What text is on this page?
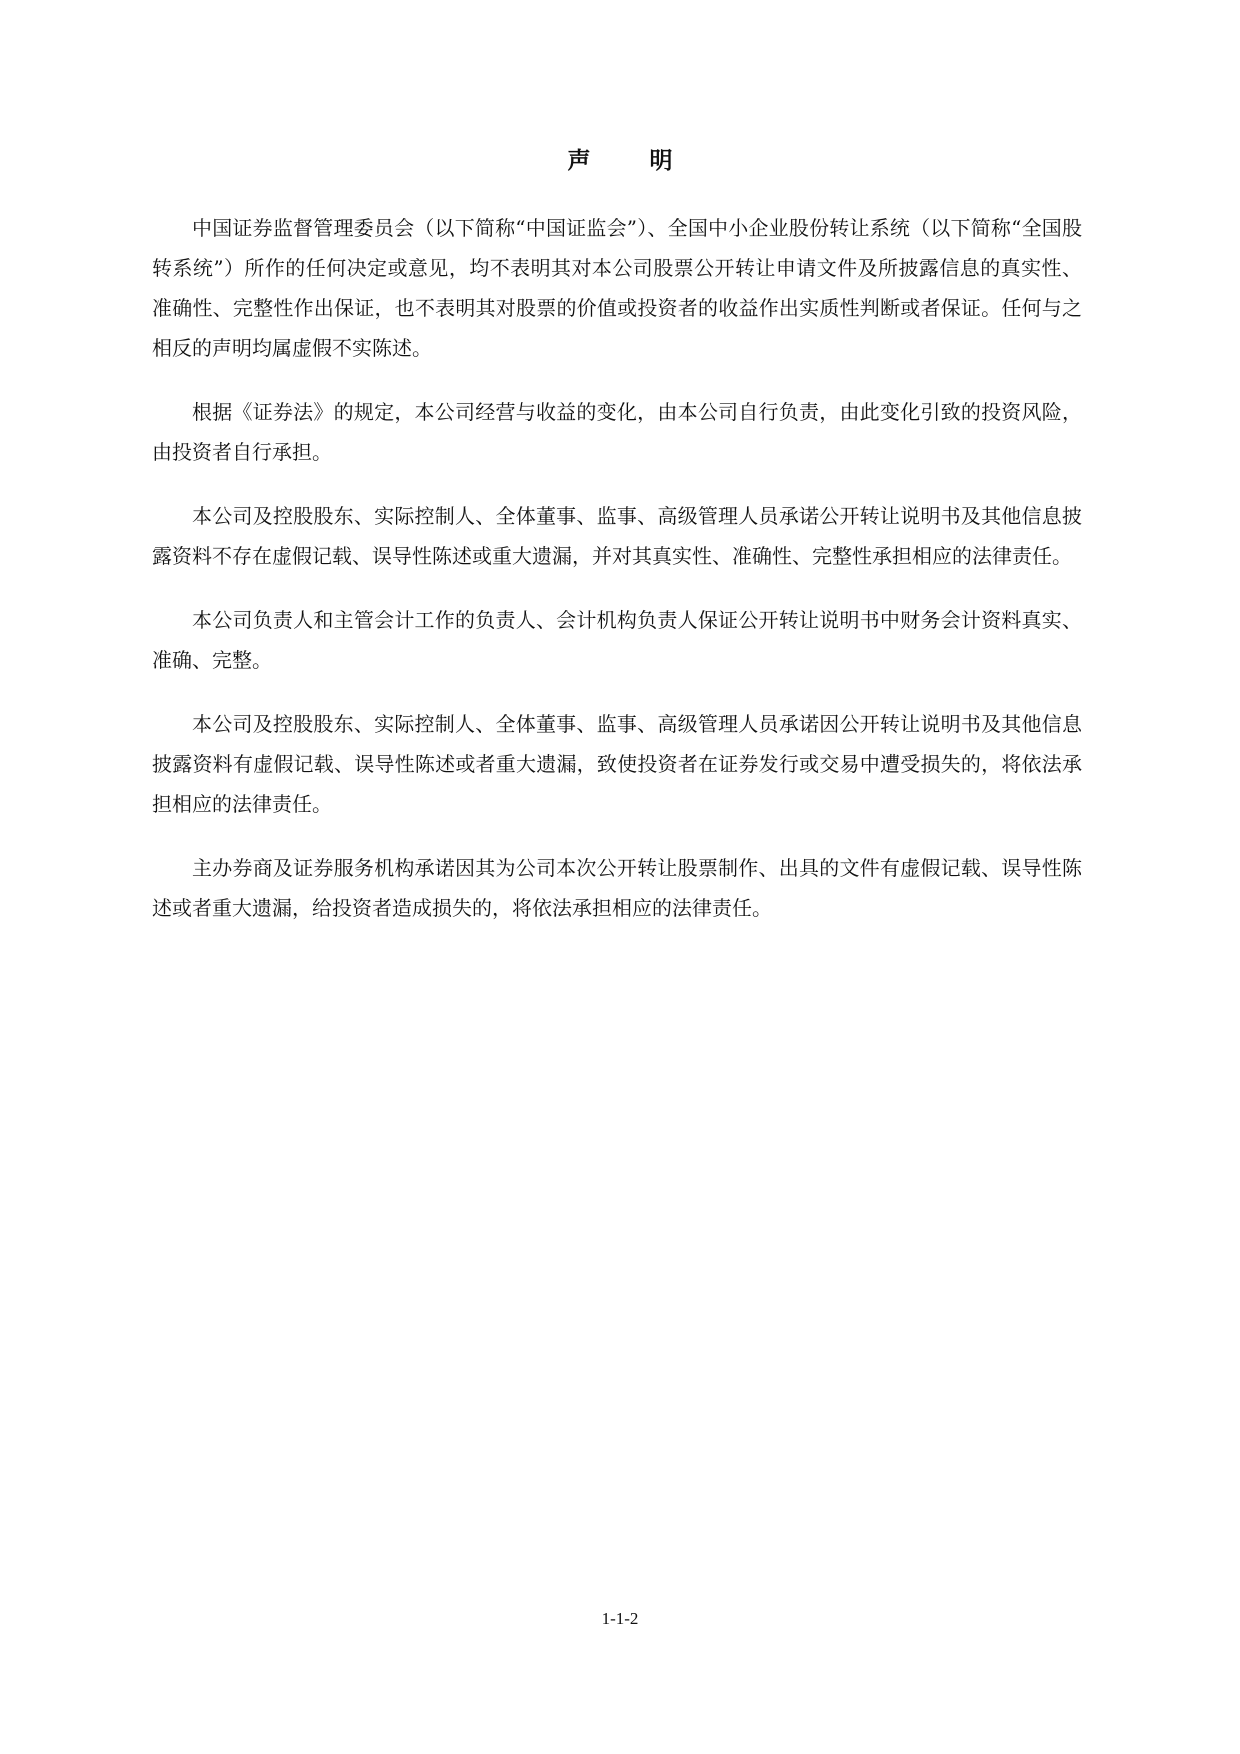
声　明

中国证券监督管理委员会（以下简称“中国证监会”）、全国中小企业股份转让系统（以下简称“全国股转系统”）所作的任何决定或意见，均不表明其对本公司股票公开转让申请文件及所披露信息的真实性、准确性、完整性作出保证，也不表明其对股票的价值或投资者的收益作出实质性判断或者保证。任何与之相反的声明均属虚假不实陈述。

根据《证券法》的规定，本公司经营与收益的变化，由本公司自行负责，由此变化引致的投资风险，由投资者自行承担。

本公司及控股股东、实际控制人、全体董事、监事、高级管理人员承诺公开转让说明书及其他信息披露资料不存在虚假记载、误导性陈述或重大遗漏，并对其真实性、准确性、完整性承担相应的法律责任。

本公司负责人和主管会计工作的负责人、会计机构负责人保证公开转让说明书中财务会计资料真实、准确、完整。

本公司及控股股东、实际控制人、全体董事、监事、高级管理人员承诺因公开转让说明书及其他信息披露资料有虚假记载、误导性陈述或者重大遗漏，致使投资者在证券发行或交易中遭受损失的，将依法承担相应的法律责任。

主办券商及证券服务机构承诺因其为公司本次公开转让股票制作、出具的文件有虚假记载、误导性陈述或者重大遗漏，给投资者造成损失的，将依法承担相应的法律责任。

1-1-2
